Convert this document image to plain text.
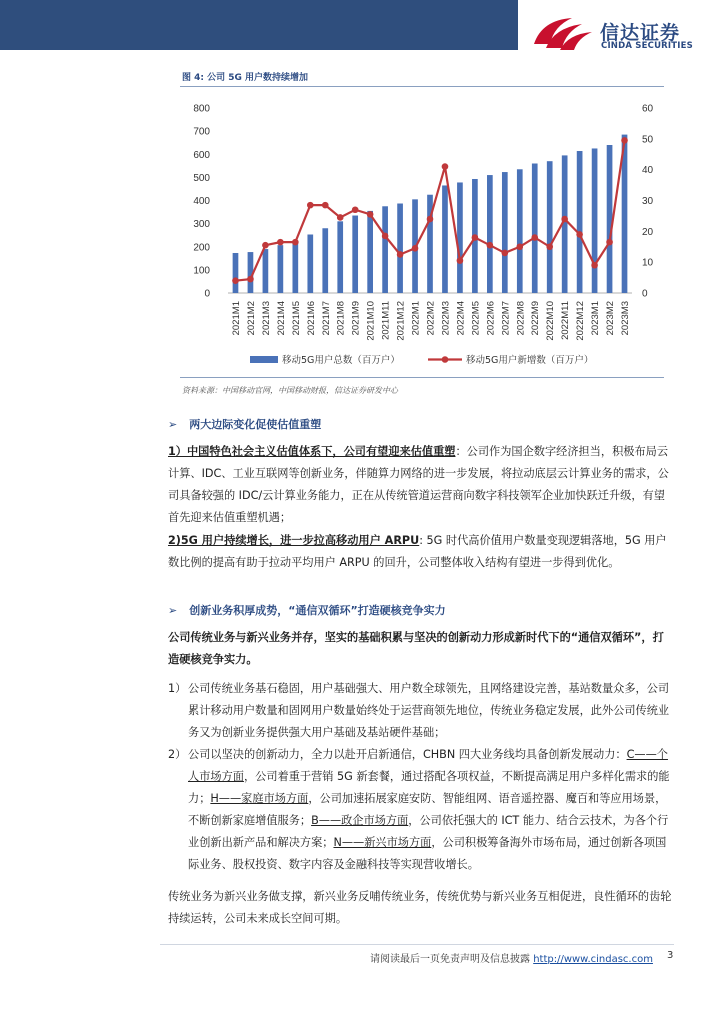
信达证券
CINDA SECURITIES
图 4: 公司 5G 用户数持续增加
0
100
200
300
400
500
600
700
800
0
10
20
30
40
50
60
2021M1 2021M2 2021M3 2021M4 2021M5 2021M6 2021M7 2021M8 2021M9 2021M10 2021M11 2021M12 2022M1 2022M2 2022M3 2022M4 2022M5 2022M6 2022M7 2022M8 2022M9 2022M10 2022M11 2022M12 2023M1 2023M2 2023M3
移动5G用户总数（百万户）	移动5G用户新增数（百万户）
资料来源：中国移动官网，中国移动财报，信达证券研发中心
➢ 两大边际变化促使估值重塑
1）中国特色社会主义估值体系下，公司有望迎来估值重塑：公司作为国企数字经济担当，积极布局云计算、IDC、工业互联网等创新业务，伴随算力网络的进一步发展，将拉动底层云计算业务的需求，公司具备较强的 IDC/云计算业务能力，正在从传统管道运营商向数字科技领军企业加快跃迁升级，有望首先迎来估值重塑机遇；
2)5G 用户持续增长，进一步拉高移动用户 ARPU: 5G 时代高价值用户数量变现逻辑落地，5G 用户数比例的提高有助于拉动平均用户 ARPU 的回升，公司整体收入结构有望进一步得到优化。
➢ 创新业务积厚成势，“通信双循环”打造硬核竞争实力
公司传统业务与新兴业务并存，坚实的基础积累与坚决的创新动力形成新时代下的“通信双循环”，打造硬核竞争实力。
1） 公司传统业务基石稳固，用户基础强大、用户数全球领先，且网络建设完善，基站数量众多，公司累计移动用户数量和固网用户数量始终处于运营商领先地位，传统业务稳定发展，此外公司传统业务又为创新业务提供强大用户基础及基站硬件基础；
2） 公司以坚决的创新动力，全力以赴开启新通信，CHBN 四大业务线均具备创新发展动力：C——个人市场方面，公司着重于营销 5G 新套餐，通过搭配各项权益，不断提高满足用户多样化需求的能力；H——家庭市场方面，公司加速拓展家庭安防、智能组网、语音遥控器、魔百和等应用场景，不断创新家庭增值服务；B——政企市场方面，公司依托强大的 ICT 能力、结合云技术，为各个行业创新出新产品和解决方案；N——新兴市场方面，公司积极筹备海外市场布局，通过创新各项国际业务、股权投资、数字内容及金融科技等实现营收增长。
传统业务为新兴业务做支撑，新兴业务反哺传统业务，传统优势与新兴业务互相促进，良性循环的齿轮持续运转，公司未来成长空间可期。
请阅读最后一页免责声明及信息披露 http://www.cindasc.com 3
